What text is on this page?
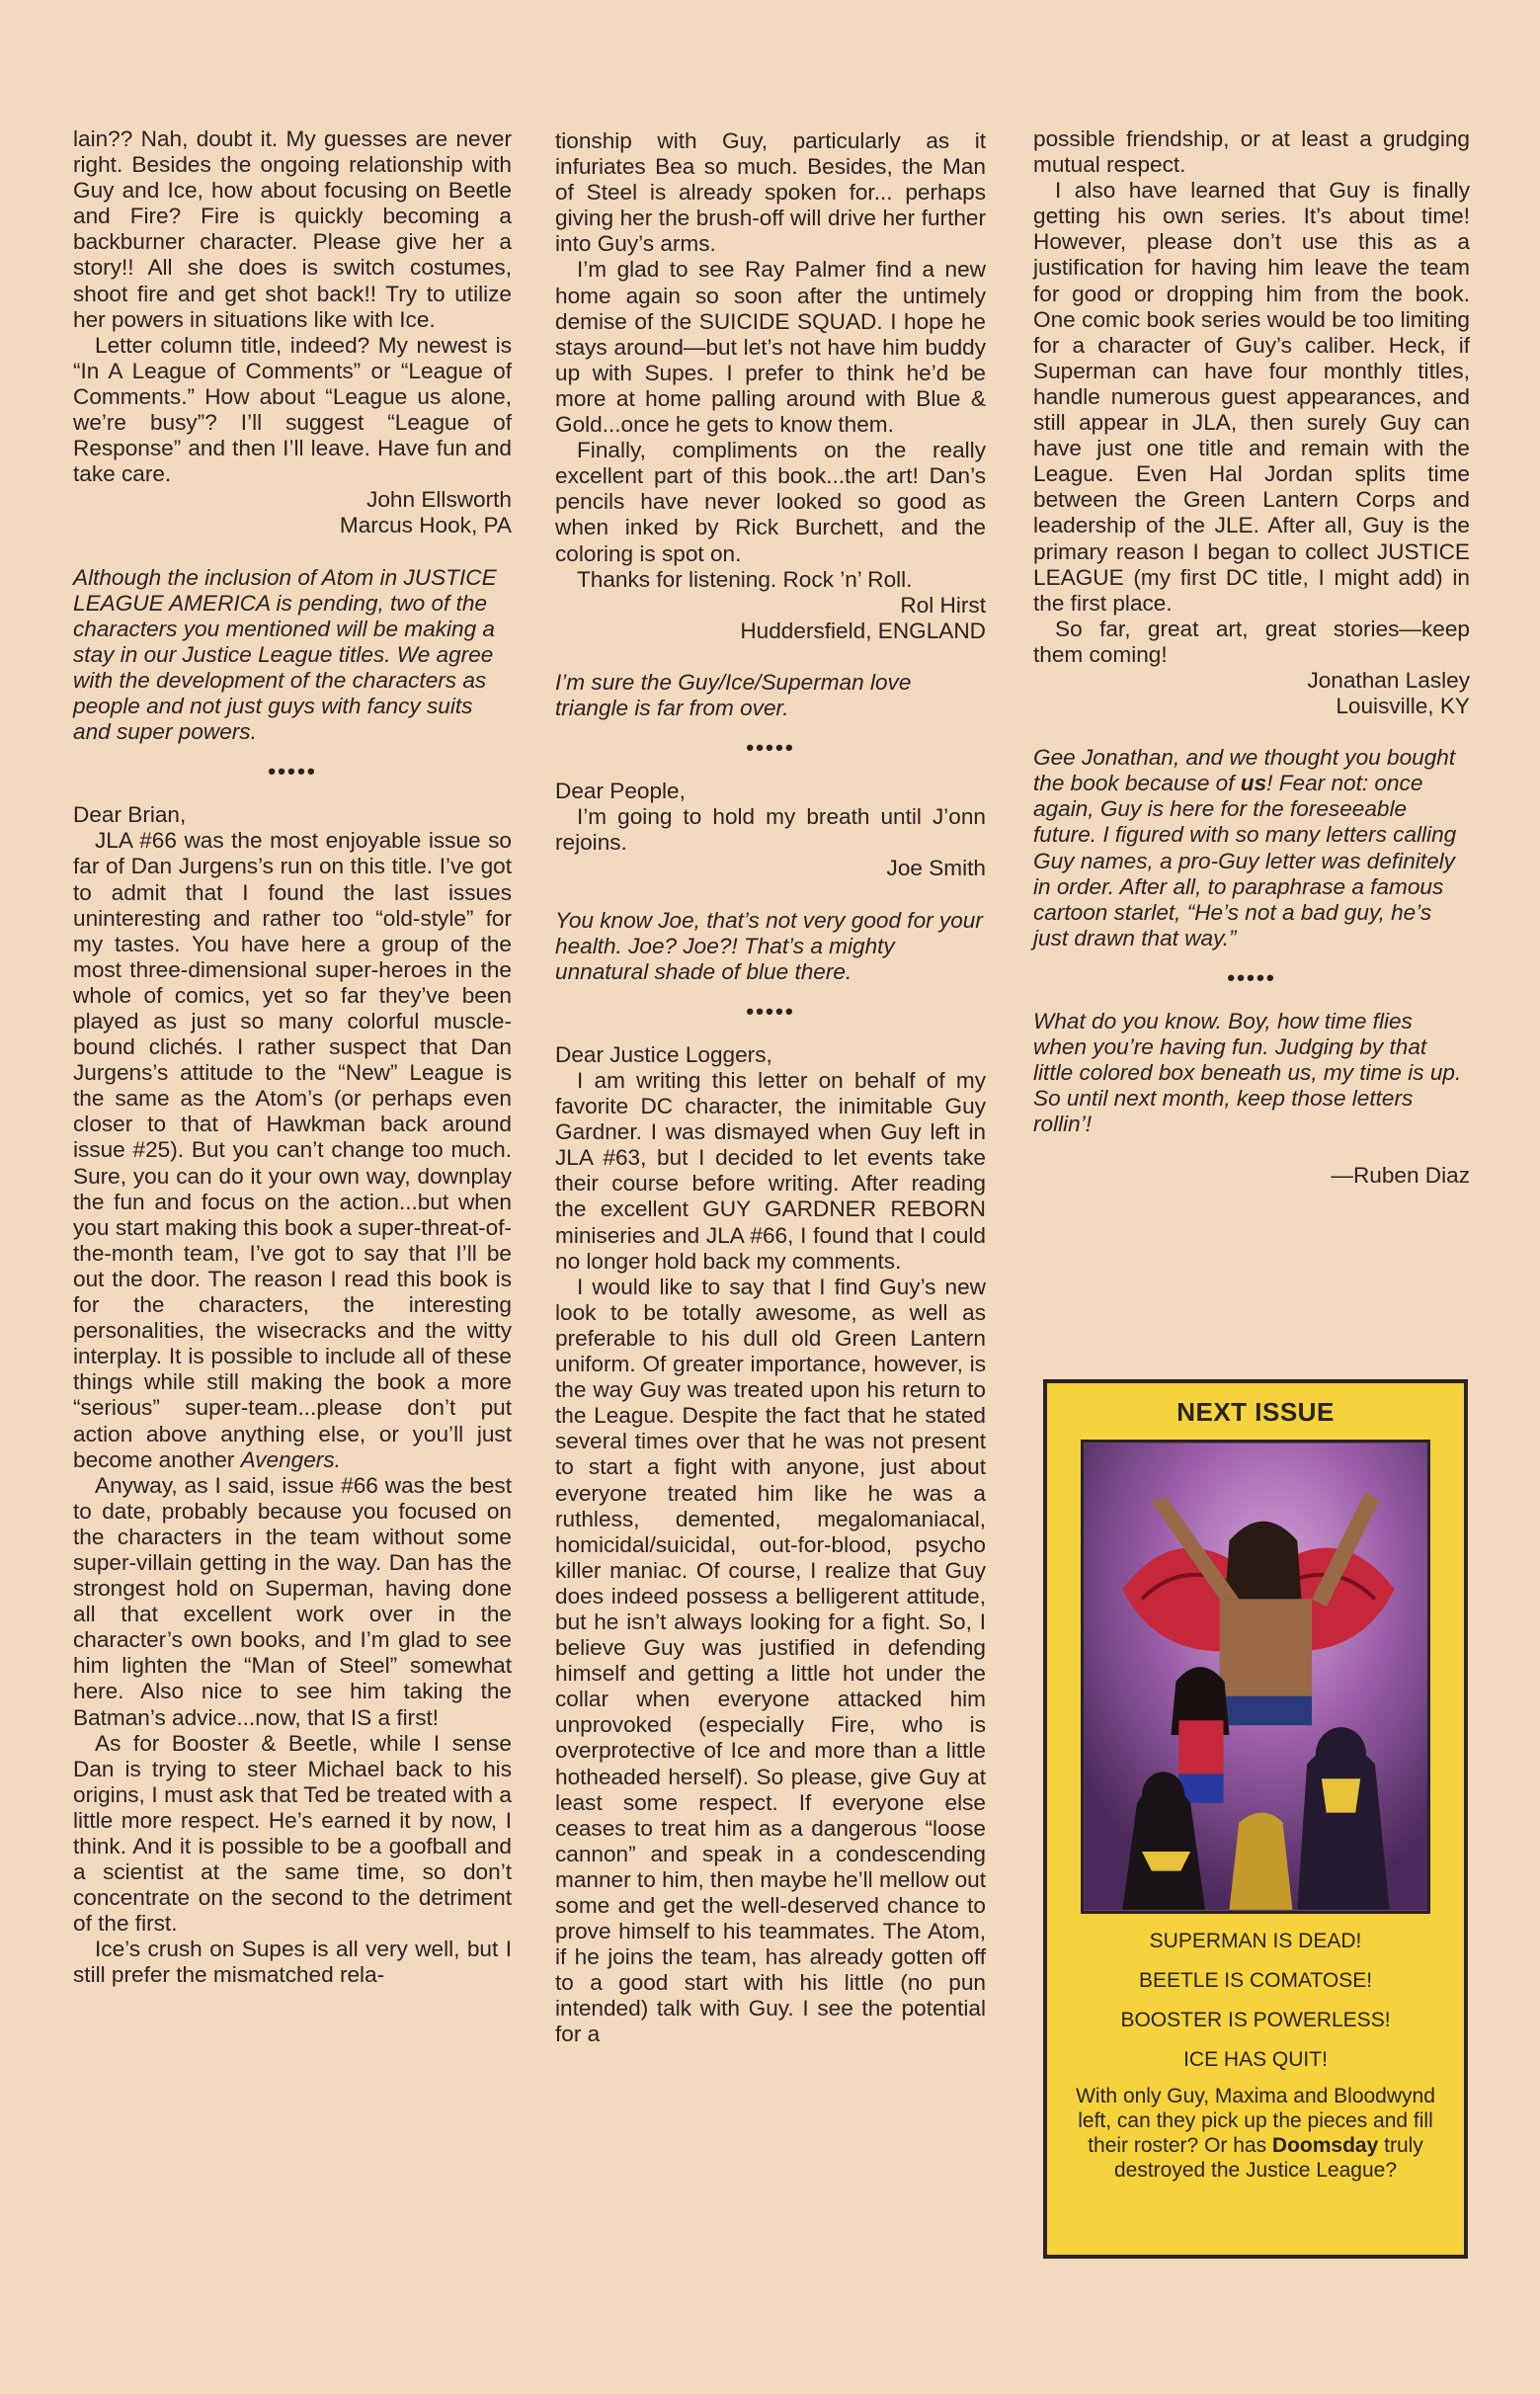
lain?? Nah, doubt it. My guesses are never right. Besides the ongoing relationship with Guy and Ice, how about focusing on Beetle and Fire? Fire is quickly becoming a backburner character. Please give her a story!! All she does is switch costumes, shoot fire and get shot back!! Try to utilize her powers in situations like with Ice.

Letter column title, indeed? My newest is “In A League of Comments” or “League of Comments.” How about “League us alone, we’re busy”? I’ll suggest “League of Response” and then I’ll leave. Have fun and take care.

John Ellsworth

Marcus Hook, PA

Although the inclusion of Atom in JUSTICE LEAGUE AMERICA is pending, two of the characters you mentioned will be making a stay in our Justice League titles. We agree with the development of the characters as people and not just guys with fancy suits and super powers.

•••••

Dear Brian,

JLA #66 was the most enjoyable issue so far of Dan Jurgens’s run on this title. I’ve got to admit that I found the last issues uninteresting and rather too “old-style” for my tastes. You have here a group of the most three-dimensional super-heroes in the whole of comics, yet so far they’ve been played as just so many colorful muscle-bound clichés. I rather suspect that Dan Jurgens’s attitude to the “New” League is the same as the Atom’s (or perhaps even closer to that of Hawkman back around issue #25). But you can’t change too much. Sure, you can do it your own way, downplay the fun and focus on the action...but when you start making this book a super-threat-of-the-month team, I’ve got to say that I’ll be out the door. The reason I read this book is for the characters, the interesting personalities, the wisecracks and the witty interplay. It is possible to include all of these things while still making the book a more “serious” super-team...please don’t put action above anything else, or you’ll just become another Avengers.

Anyway, as I said, issue #66 was the best to date, probably because you focused on the characters in the team without some super-villain getting in the way. Dan has the strongest hold on Superman, having done all that excellent work over in the character’s own books, and I’m glad to see him lighten the “Man of Steel” somewhat here. Also nice to see him taking the Batman’s advice...now, that IS a first!

As for Booster & Beetle, while I sense Dan is trying to steer Michael back to his origins, I must ask that Ted be treated with a little more respect. He’s earned it by now, I think. And it is possible to be a goofball and a scientist at the same time, so don’t concentrate on the second to the detriment of the first.

Ice’s crush on Supes is all very well, but I still prefer the mismatched rela-

tionship with Guy, particularly as it infuriates Bea so much. Besides, the Man of Steel is already spoken for... perhaps giving her the brush-off will drive her further into Guy’s arms.

I’m glad to see Ray Palmer find a new home again so soon after the untimely demise of the SUICIDE SQUAD. I hope he stays around—but let’s not have him buddy up with Supes. I prefer to think he’d be more at home palling around with Blue & Gold...once he gets to know them.

Finally, compliments on the really excellent part of this book...the art! Dan’s pencils have never looked so good as when inked by Rick Burchett, and the coloring is spot on.

Thanks for listening. Rock ’n’ Roll.

Rol Hirst

Huddersfield, ENGLAND

I’m sure the Guy/Ice/Superman love triangle is far from over.

•••••

Dear People,

I’m going to hold my breath until J’onn rejoins.

Joe Smith

You know Joe, that’s not very good for your health. Joe? Joe?! That’s a mighty unnatural shade of blue there.

•••••

Dear Justice Loggers,

I am writing this letter on behalf of my favorite DC character, the inimitable Guy Gardner. I was dismayed when Guy left in JLA #63, but I decided to let events take their course before writing. After reading the excellent GUY GARDNER REBORN miniseries and JLA #66, I found that I could no longer hold back my comments.

I would like to say that I find Guy’s new look to be totally awesome, as well as preferable to his dull old Green Lantern uniform. Of greater importance, however, is the way Guy was treated upon his return to the League. Despite the fact that he stated several times over that he was not present to start a fight with anyone, just about everyone treated him like he was a ruthless, demented, megalomaniacal, homicidal/suicidal, out-for-blood, psycho killer maniac. Of course, I realize that Guy does indeed possess a belligerent attitude, but he isn’t always looking for a fight. So, I believe Guy was justified in defending himself and getting a little hot under the collar when everyone attacked him unprovoked (especially Fire, who is overprotective of Ice and more than a little hotheaded herself). So please, give Guy at least some respect. If everyone else ceases to treat him as a dangerous “loose cannon” and speak in a condescending manner to him, then maybe he’ll mellow out some and get the well-deserved chance to prove himself to his teammates. The Atom, if he joins the team, has already gotten off to a good start with his little (no pun intended) talk with Guy. I see the potential for a

possible friendship, or at least a grudging mutual respect.

I also have learned that Guy is finally getting his own series. It’s about time! However, please don’t use this as a justification for having him leave the team for good or dropping him from the book. One comic book series would be too limiting for a character of Guy’s caliber. Heck, if Superman can have four monthly titles, handle numerous guest appearances, and still appear in JLA, then surely Guy can have just one title and remain with the League. Even Hal Jordan splits time between the Green Lantern Corps and leadership of the JLE. After all, Guy is the primary reason I began to collect JUSTICE LEAGUE (my first DC title, I might add) in the first place.

So far, great art, great stories—keep them coming!

Jonathan Lasley

Louisville, KY

Gee Jonathan, and we thought you bought the book because of us! Fear not: once again, Guy is here for the foreseeable future. I figured with so many letters calling Guy names, a pro-Guy letter was definitely in order. After all, to paraphrase a famous cartoon starlet, “He’s not a bad guy, he’s just drawn that way.”

•••••

What do you know. Boy, how time flies when you’re having fun. Judging by that little colored box beneath us, my time is up. So until next month, keep those letters rollin’!

—Ruben Diaz

NEXT ISSUE
SUPERMAN IS DEAD!
BEETLE IS COMATOSE!
BOOSTER IS POWERLESS!
ICE HAS QUIT!
With only Guy, Maxima and Bloodwynd left, can they pick up the pieces and fill their roster? Or has Doomsday truly destroyed the Justice League?
